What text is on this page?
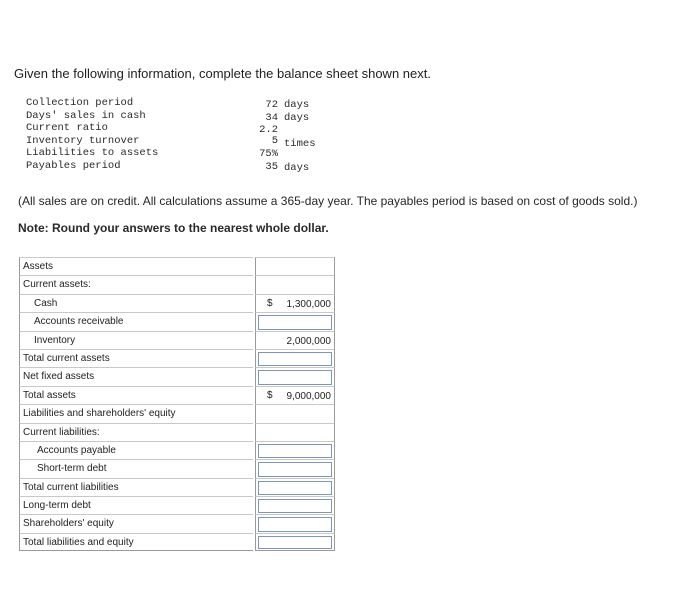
Given the following information, complete the balance sheet shown next.
Collection period	72 days
Days' sales in cash	34 days
Current ratio	2.2
Inventory turnover	5 times
Liabilities to assets	75%
Payables period	35 days
(All sales are on credit. All calculations assume a 365-day year. The payables period is based on cost of goods sold.)
Note: Round your answers to the nearest whole dollar.
Assets
Current assets:
Cash	$ 1,300,000
Accounts receivable
Inventory	2,000,000
Total current assets
Net fixed assets
Total assets	$ 9,000,000
Liabilities and shareholders' equity
Current liabilities:
Accounts payable
Short-term debt
Total current liabilities
Long-term debt
Shareholders' equity
Total liabilities and equity
